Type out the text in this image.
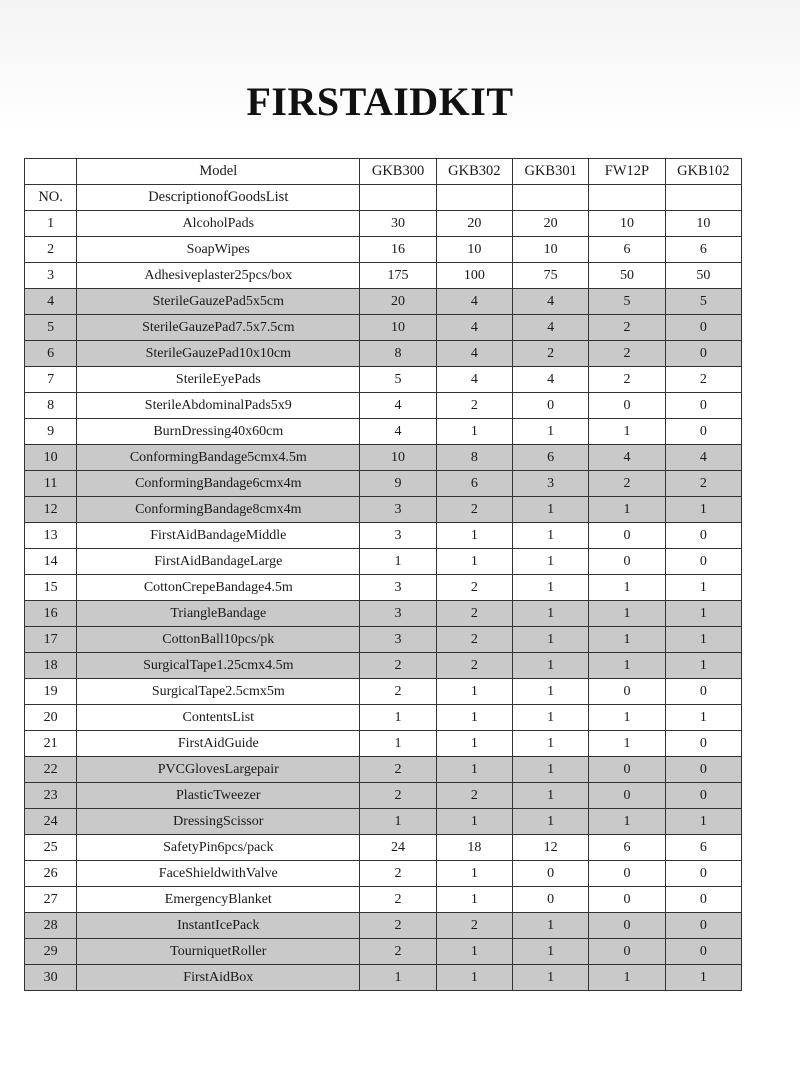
FIRSTAIDKIT
	Model	GKB300	GKB302	GKB301	FW12P	GKB102
NO.	DescriptionofGoodsList					
1	AlcoholPads	30	20	20	10	10
2	SoapWipes	16	10	10	6	6
3	Adhesiveplaster25pcs/box	175	100	75	50	50
4	SterileGauzePad5x5cm	20	4	4	5	5
5	SterileGauzePad7.5x7.5cm	10	4	4	2	0
6	SterileGauzePad10x10cm	8	4	2	2	0
7	SterileEyePads	5	4	4	2	2
8	SterileAbdominalPads5x9	4	2	0	0	0
9	BurnDressing40x60cm	4	1	1	1	0
10	ConformingBandage5cmx4.5m	10	8	6	4	4
11	ConformingBandage6cmx4m	9	6	3	2	2
12	ConformingBandage8cmx4m	3	2	1	1	1
13	FirstAidBandageMiddle	3	1	1	0	0
14	FirstAidBandageLarge	1	1	1	0	0
15	CottonCrepeBandage4.5m	3	2	1	1	1
16	TriangleBandage	3	2	1	1	1
17	CottonBall10pcs/pk	3	2	1	1	1
18	SurgicalTape1.25cmx4.5m	2	2	1	1	1
19	SurgicalTape2.5cmx5m	2	1	1	0	0
20	ContentsList	1	1	1	1	1
21	FirstAidGuide	1	1	1	1	0
22	PVCGlovesLargepair	2	1	1	0	0
23	PlasticTweezer	2	2	1	0	0
24	DressingScissor	1	1	1	1	1
25	SafetyPin6pcs/pack	24	18	12	6	6
26	FaceShieldwithValve	2	1	0	0	0
27	EmergencyBlanket	2	1	0	0	0
28	InstantIcePack	2	2	1	0	0
29	TourniquetRoller	2	1	1	0	0
30	FirstAidBox	1	1	1	1	1
